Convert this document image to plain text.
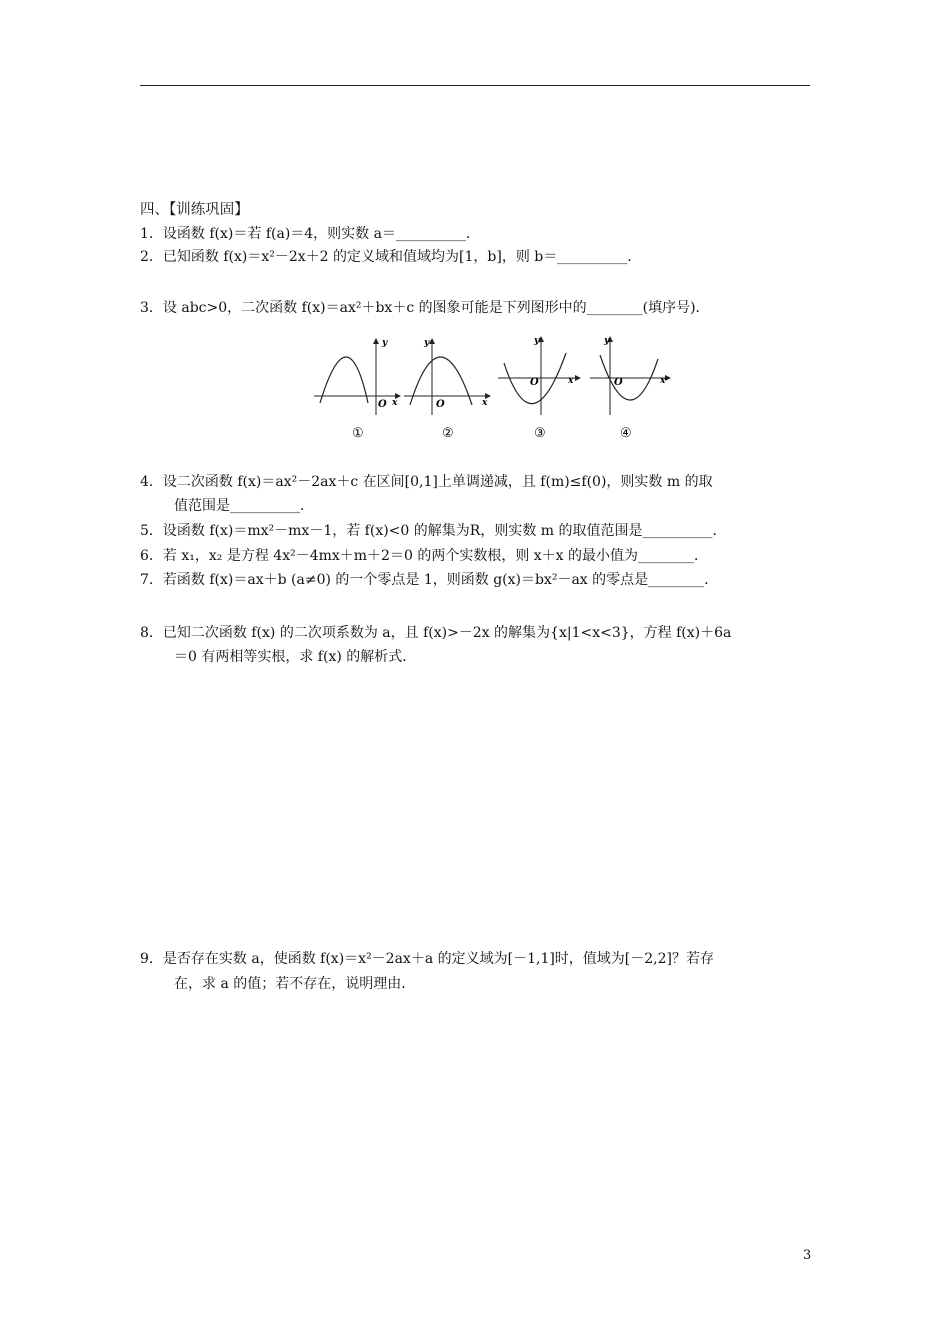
四、【训练巩固】
1．设函数 f(x)＝若 f(a)＝4，则实数 a＝__________．
2．已知函数 f(x)＝x²－2x＋2 的定义域和值域均为[1，b]，则 b＝__________．
3．设 abc>0，二次函数 f(x)＝ax²＋bx＋c 的图象可能是下列图形中的________(填序号)．
y
x
O
①
y
x
O
②
y
x
O
③
y
x
O
④
4．设二次函数 f(x)＝ax²－2ax＋c 在区间[0,1]上单调递减，且 f(m)≤f(0)，则实数 m 的取
值范围是__________．
5．设函数 f(x)＝mx²－mx－1，若 f(x)<0 的解集为R，则实数 m 的取值范围是__________．
6．若 x₁，x₂ 是方程 4x²－4mx＋m＋2＝0 的两个实数根，则 x＋x 的最小值为________．
7．若函数 f(x)＝ax＋b (a≠0) 的一个零点是 1，则函数 g(x)＝bx²－ax 的零点是________．
8．已知二次函数 f(x) 的二次项系数为 a，且 f(x)>－2x 的解集为{x|1<x<3}，方程 f(x)＋6a
＝0 有两相等实根，求 f(x) 的解析式．
9．是否存在实数 a，使函数 f(x)＝x²－2ax＋a 的定义域为[－1,1]时，值域为[－2,2]？若存
在，求 a 的值；若不存在，说明理由．
3
